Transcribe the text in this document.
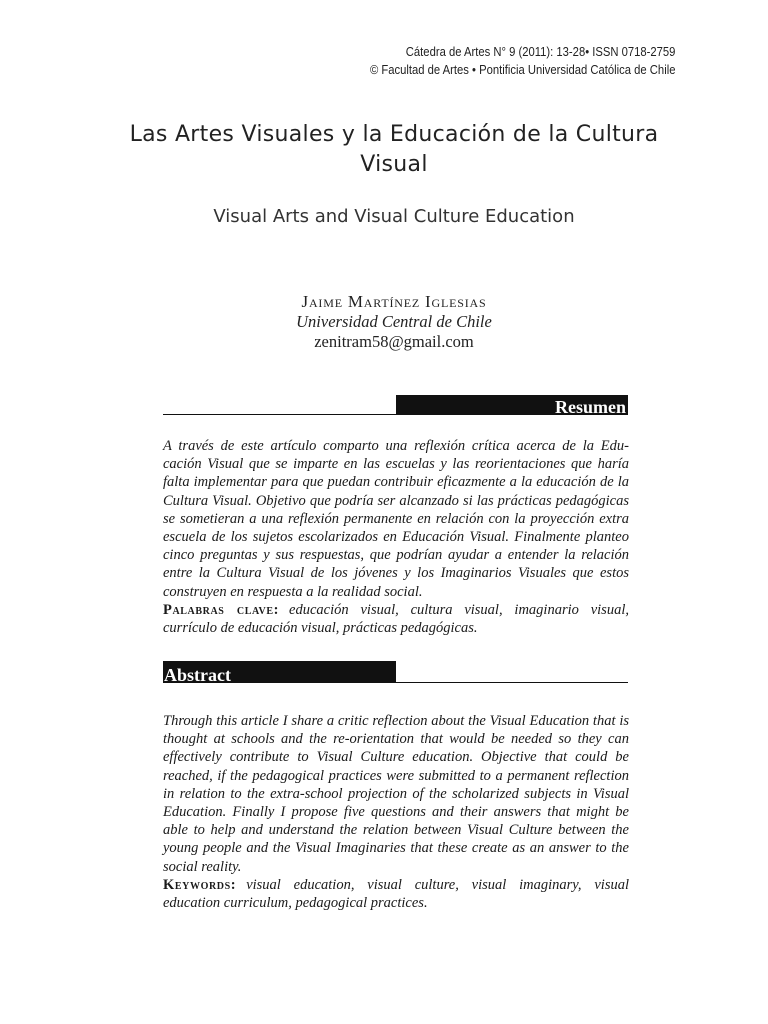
Cátedra de Artes N° 9 (2011): 13-28• ISSN 0718-2759
© Facultad de Artes • Pontificia Universidad Católica de Chile
Las Artes Visuales y la Educación de la Cultura Visual
Visual Arts and Visual Culture Education
Jaime Martínez Iglesias
Universidad Central de Chile
zenitram58@gmail.com
Resumen
A través de este artículo comparto una reflexión crítica acerca de la Edu-cación Visual que se imparte en las escuelas y las reorientaciones que haría falta implementar para que puedan contribuir eficazmente a la educación de la Cultura Visual. Objetivo que podría ser alcanzado si las prácticas pedagógicas se sometieran a una reflexión permanente en relación con la proyección extra escuela de los sujetos escolarizados en Educación Visual. Finalmente planteo cinco preguntas y sus respuestas, que podrían ayudar a entender la relación entre la Cultura Visual de los jóvenes y los Imaginarios Visuales que estos construyen en respuesta a la realidad social.
Palabras clave: educación visual, cultura visual, imaginario visual, currículo de educación visual, prácticas pedagógicas.
Abstract
Through this article I share a critic reflection about the Visual Education that is thought at schools and the re-orientation that would be needed so they can effectively contribute to Visual Culture education. Objective that could be reached, if the pedagogical practices were submitted to a permanent reflection in relation to the extra-school projection of the scholarized subjects in Visual Education. Finally I propose five questions and their answers that might be able to help and understand the relation between Visual Culture between the young people and the Visual Imaginaries that these create as an answer to the social reality.
Keywords: visual education, visual culture, visual imaginary, visual education curriculum, pedagogical practices.
